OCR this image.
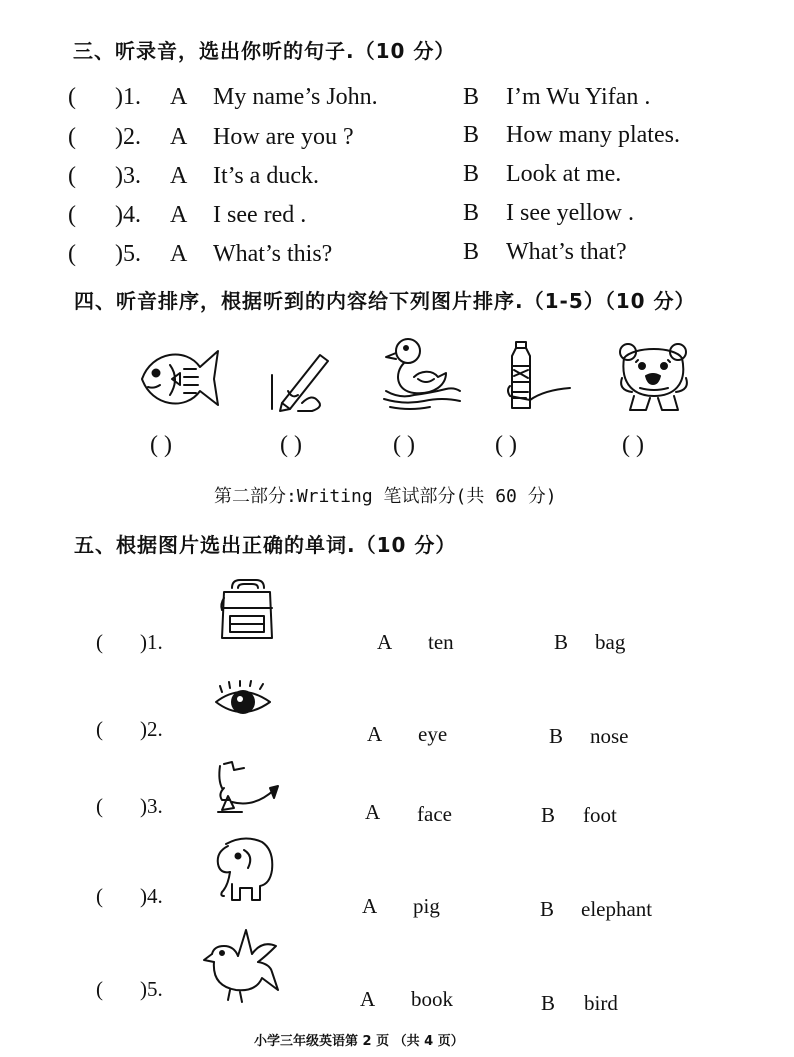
三、听录音，选出你听的句子.（10 分）
( )1. A My name’s John.	B I’m Wu Yifan .
( )2. A How are you ?	B How many plates.
( )3. A It’s a duck.	B Look at me.
( )4. A I see red .	B I see yellow .
( )5. A What’s this?	B What’s that?
四、听音排序，根据听到的内容给下列图片排序.（1-5）（10 分）
( )	( )	( )	( )	( )
第二部分:Writing 笔试部分(共 60 分)
五、根据图片选出正确的单词.（10 分）
( )1.	A ten	B bag
( )2.	A eye	B nose
( )3.	A face	B foot
( )4.	A pig	B elephant
( )5.	A book	B bird
小学三年级英语第 2 页 （共 4 页）
